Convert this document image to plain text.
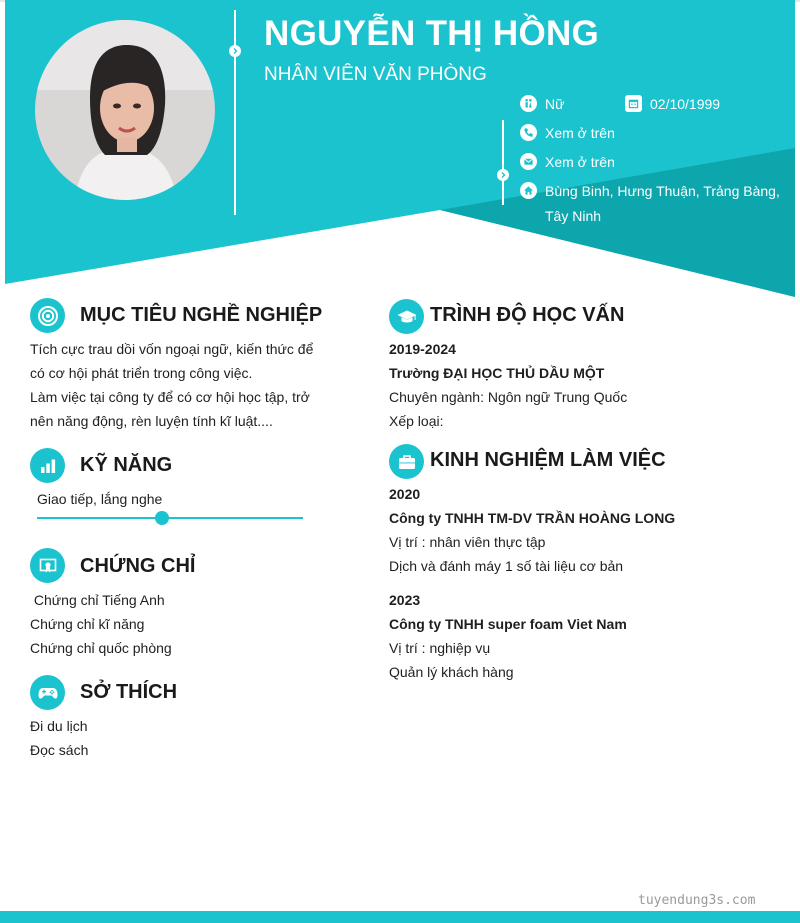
NGUYỄN THỊ HỒNG
NHÂN VIÊN VĂN PHÒNG
Nữ	02/10/1999
Xem ở trên
Xem ở trên
Bùng Binh, Hưng Thuận, Trảng Bàng,
Tây Ninh
MỤC TIÊU NGHỀ NGHIỆP
Tích cực trau dồi vốn ngoại ngữ, kiến thức để
có cơ hội phát triển trong công việc.
Làm việc tại công ty để có cơ hội học tập, trở
nên năng động, rèn luyện tính kĩ luật....
KỸ NĂNG
Giao tiếp, lắng nghe
CHỨNG CHỈ
Chứng chỉ Tiếng Anh
Chứng chỉ kĩ năng
Chứng chỉ quốc phòng
SỞ THÍCH
Đi du lịch
Đọc sách
TRÌNH ĐỘ HỌC VẤN
2019-2024
Trường ĐẠI HỌC THỦ DẦU MỘT
Chuyên ngành: Ngôn ngữ Trung Quốc
Xếp loại:
KINH NGHIỆM LÀM VIỆC
2020
Công ty TNHH TM-DV TRẦN HOÀNG LONG
Vị trí : nhân viên thực tập
Dịch và đánh máy 1 số tài liệu cơ bản
2023
Công ty TNHH super foam Viet Nam
Vị trí : nghiệp vụ
Quản lý khách hàng
tuyendung3s.com
